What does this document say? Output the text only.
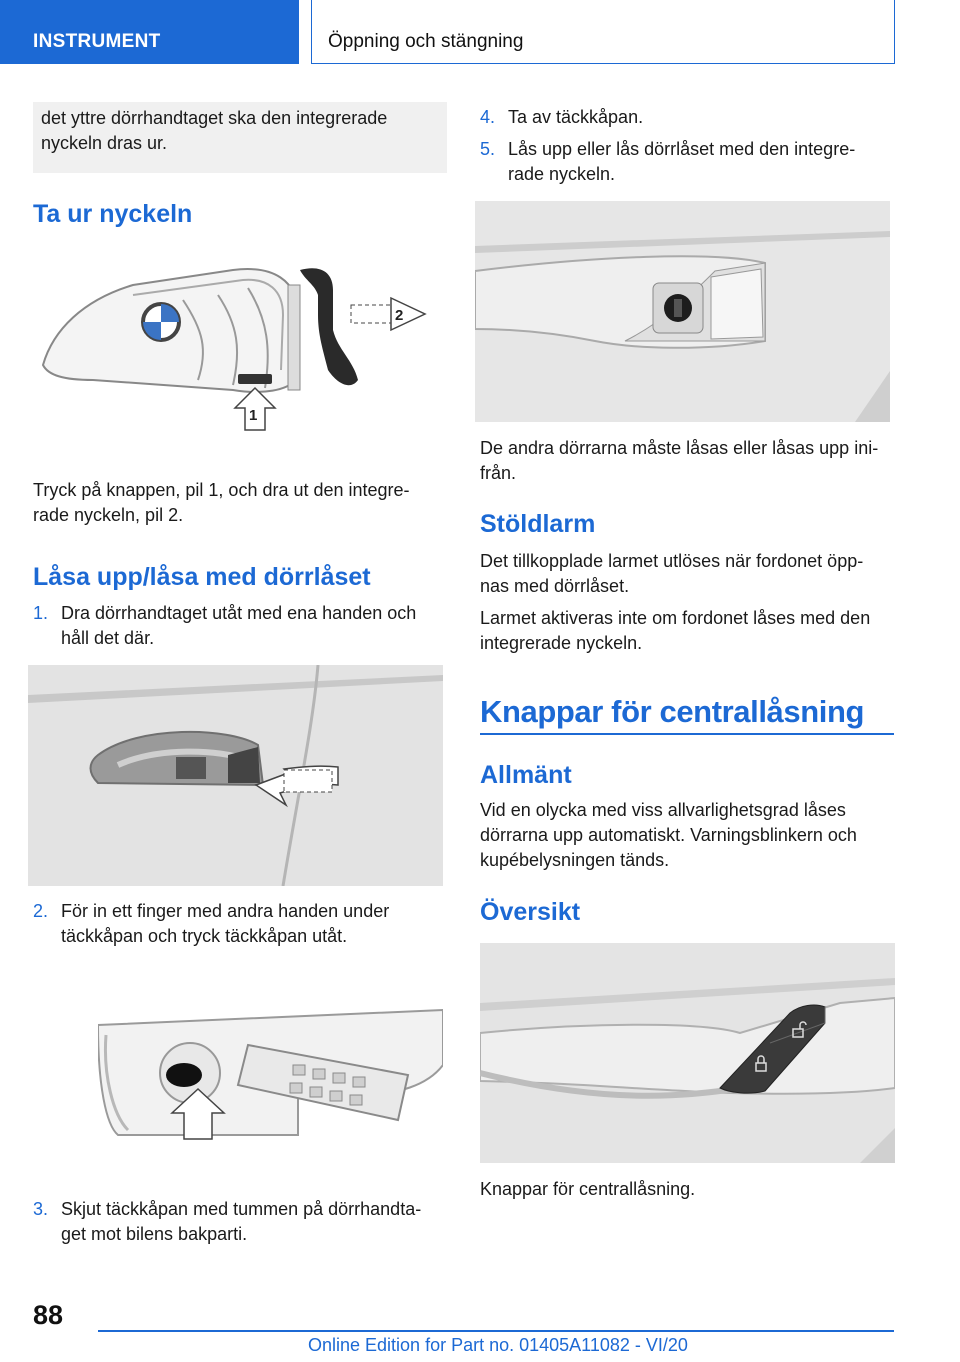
INSTRUMENT	Öppning och stängning

det yttre dörrhandtaget ska den integrerade nyckeln dras ur.

Ta ur nyckeln
2
1

Tryck på knappen, pil 1, och dra ut den integre-

rade nyckeln, pil 2.

Låsa upp/låsa med dörrlåset
1. Dra dörrhandtaget utåt med ena handen och
håll det där.
2. För in ett finger med andra handen under
täckkåpan och tryck täckkåpan utåt.
3. Skjut täckkåpan med tummen på dörrhandta-
get mot bilens bakparti.
4. Ta av täckkåpan.
5. Lås upp eller lås dörrlåset med den integre-
rade nyckeln.

De andra dörrarna måste låsas eller låsas upp ini-

från.

Stöldlarm

Det tillkopplade larmet utlöses när fordonet öpp-

nas med dörrlåset.

Larmet aktiveras inte om fordonet låses med den

integrerade nyckeln.

Knappar för centrallåsning
Allmänt

Vid en olycka med viss allvarlighetsgrad låses

dörrarna upp automatiskt. Varningsblinkern och

kupébelysningen tänds.

Översikt

Knappar för centrallåsning.

88
Online Edition for Part no. 01405A11082 - VI/20
